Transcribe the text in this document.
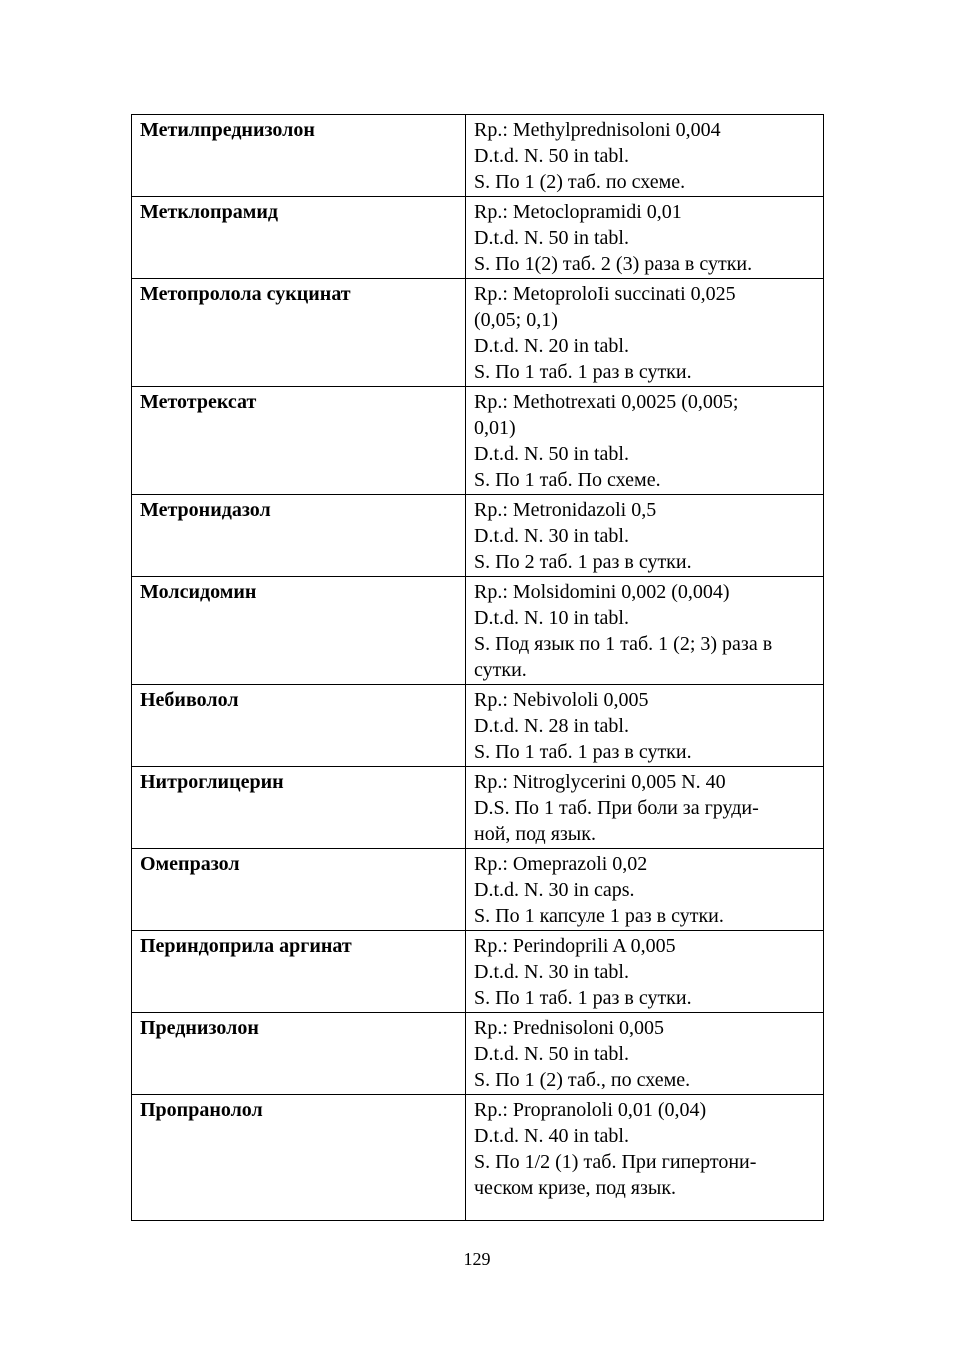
Метилпреднизолон	Rp.: Methylprednisoloni 0,004
D.t.d. N. 50 in tabl.
S. По 1 (2) таб. по схеме.

Метклопрамид	Rp.: Metoclopramidi 0,01
D.t.d. N. 50 in tabl.
S. По 1(2) таб. 2 (3) раза в сутки.

Метопролола сукцинат	Rp.: MetoproloIi succinati 0,025
(0,05; 0,1)
D.t.d. N. 20 in tabl.
S. По 1 таб. 1 раз в сутки.

Метотрексат	Rp.: Methotrexati 0,0025 (0,005;
0,01)
D.t.d. N. 50 in tabl.
S. По 1 таб. По схеме.

Метронидазол	Rp.: Metronidazoli 0,5
D.t.d. N. 30 in tabl.
S. По 2 таб. 1 раз в сутки.

Молсидомин	Rp.: Molsidomini 0,002 (0,004)
D.t.d. N. 10 in tabl.
S. Под язык по 1 таб. 1 (2; 3) раза в
сутки.

Небиволол	Rp.: Nebivololi 0,005
D.t.d. N. 28 in tabl.
S. По 1 таб. 1 раз в сутки.

Нитроглицерин	Rp.: Nitroglycerini 0,005 N. 40
D.S. По 1 таб. При боли за груди-
ной, под язык.

Омепразол	Rp.: Omeprazoli 0,02
D.t.d. N. 30 in caps.
S. По 1 капсуле 1 раз в сутки.

Периндоприла аргинат	Rp.: Perindoprili A 0,005
D.t.d. N. 30 in tabl.
S. По 1 таб. 1 раз в сутки.

Преднизолон	Rp.: Prednisoloni 0,005
D.t.d. N. 50 in tabl.
S. По 1 (2) таб., по схеме.

Пропранолол	Rp.: Propranololi 0,01 (0,04)
D.t.d. N. 40 in tabl.
S. По 1/2 (1) таб. При гипертони-
ческом кризе, под язык.
129
